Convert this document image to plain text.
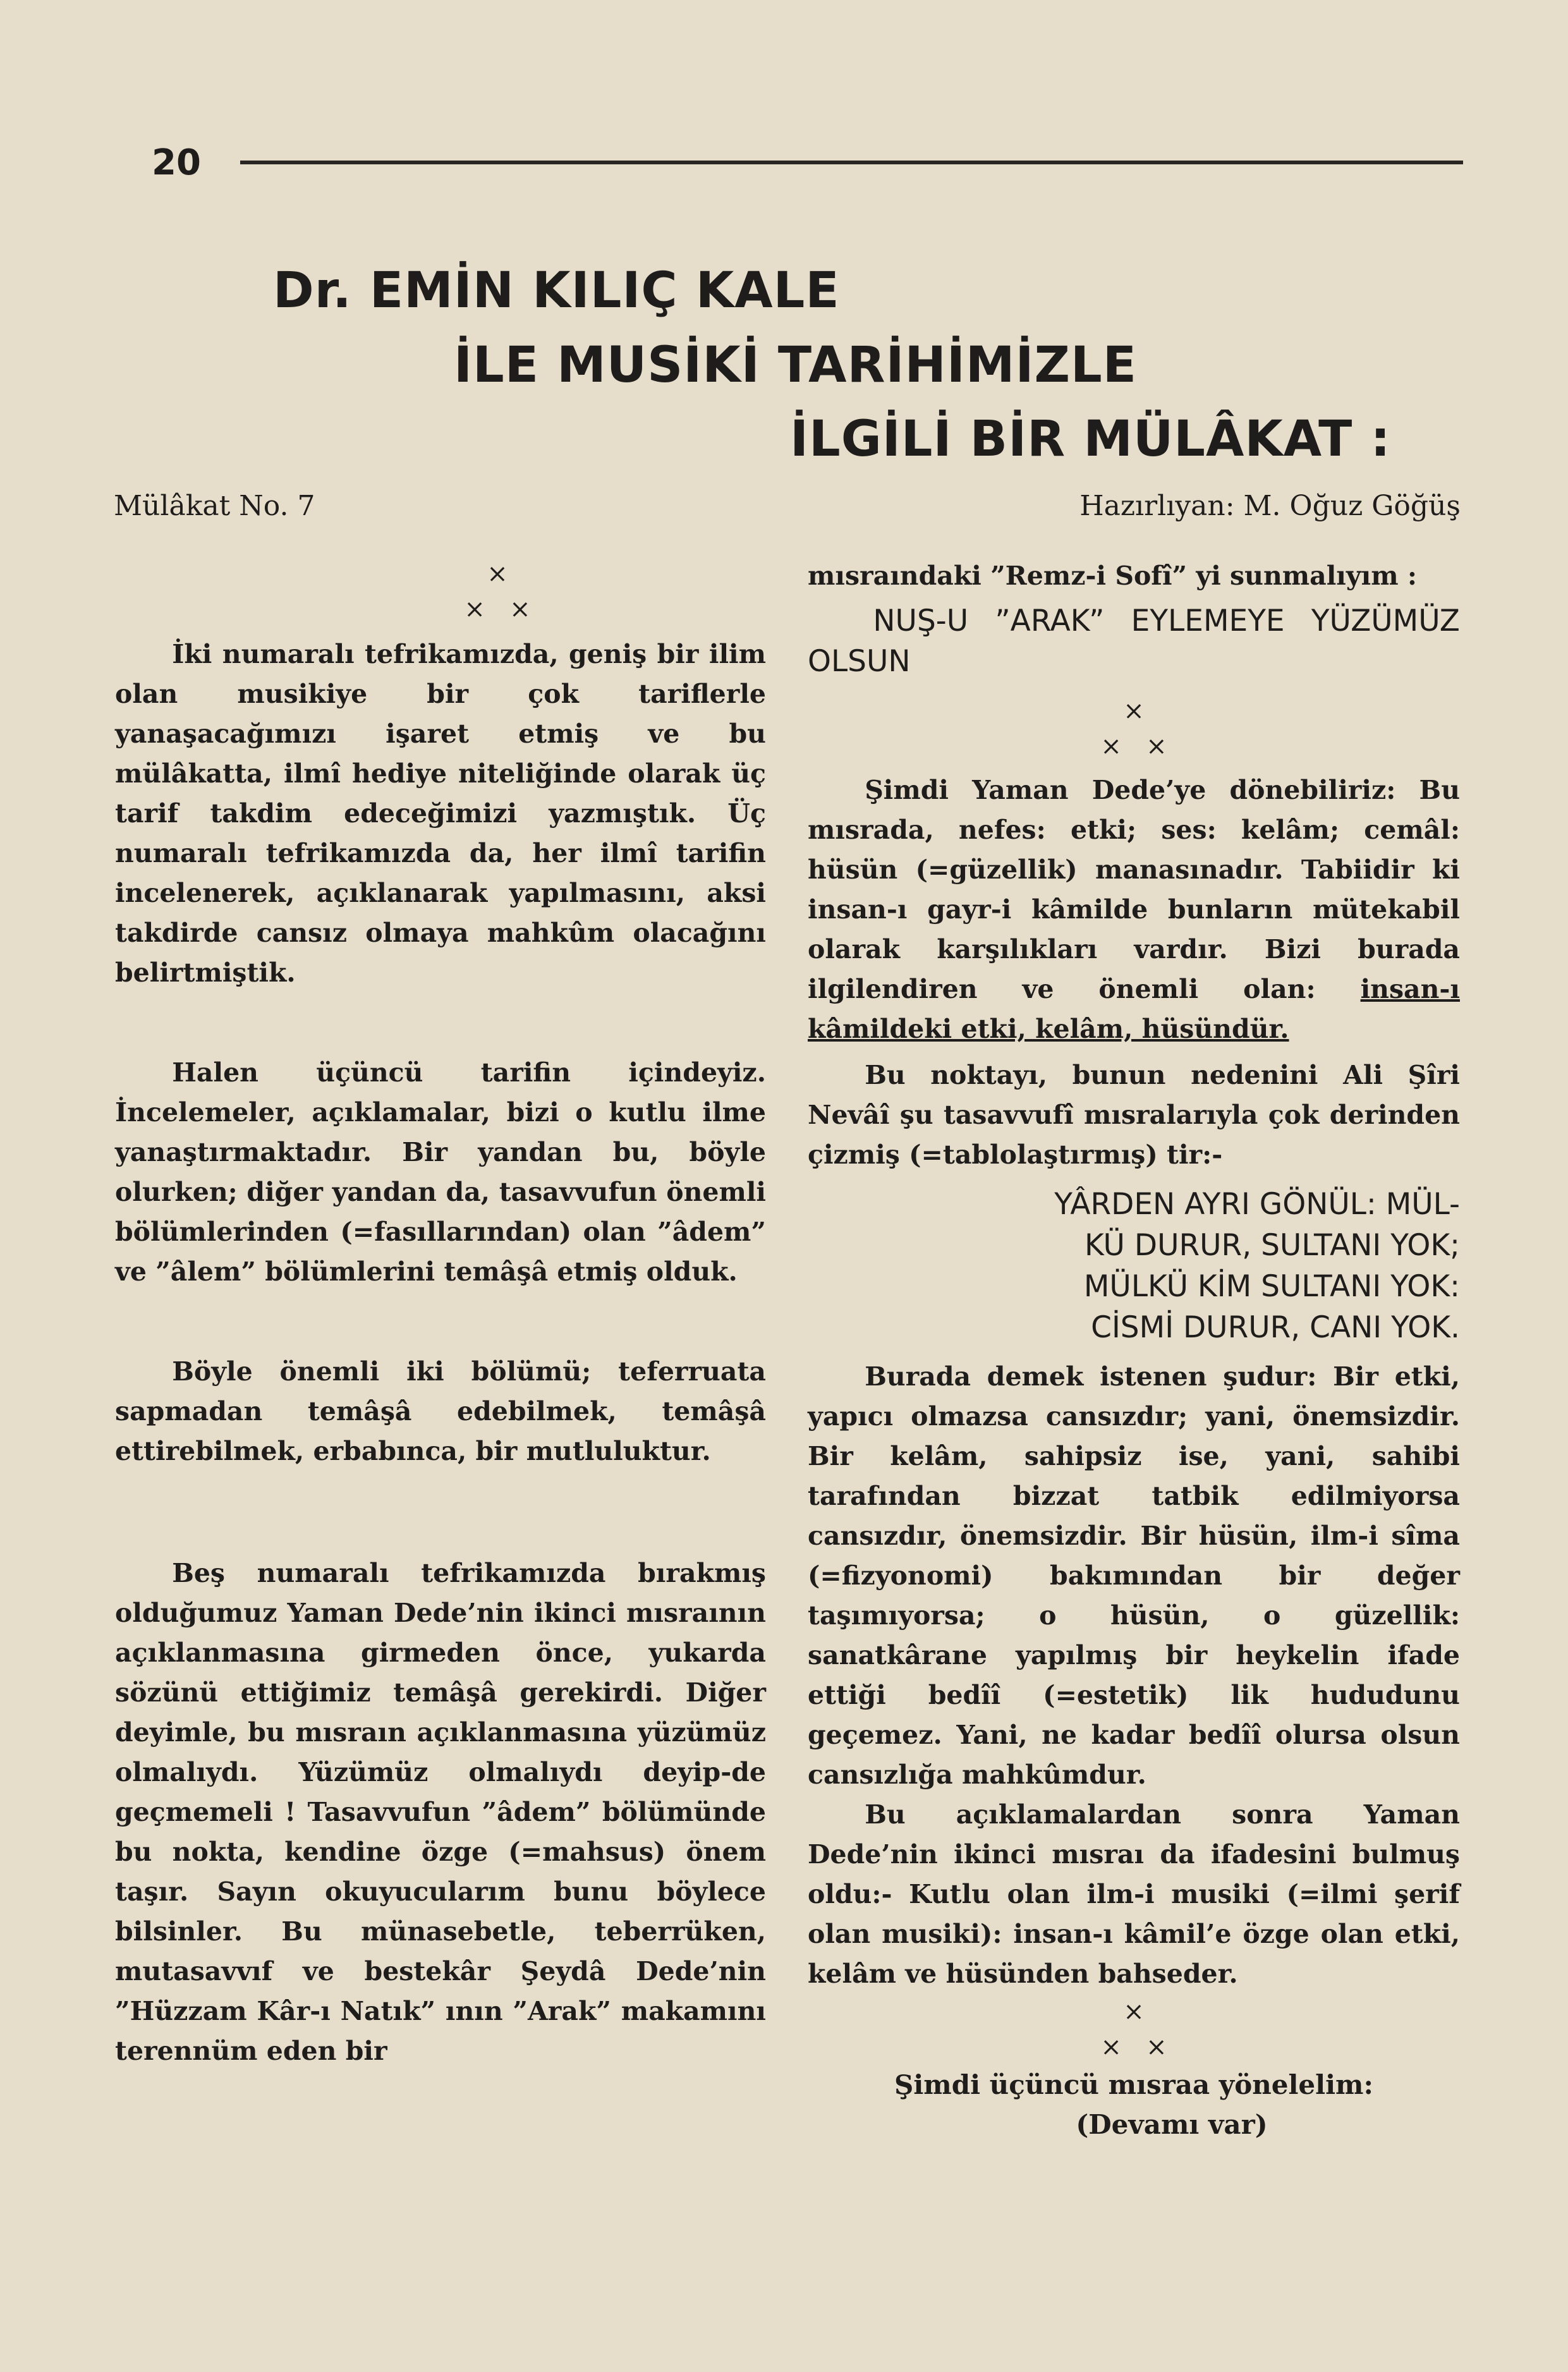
20
Dr. EMİN KILIÇ KALE
İLE MUSİKİ TARİHİMİZLE
İLGİLİ BİR MÜLÂKAT :
Mülâkat No. 7	Hazırlıyan: M. Oğuz Göğüş
×
×   ×

İki numaralı tefrikamızda, geniş bir ilim olan musikiye bir çok tariflerle yanaşacağımızı işaret etmiş ve bu mülâkatta, ilmî hediye niteliğinde olarak üç tarif takdim edeceğimizi yazmıştık. Üç numaralı tefrikamızda da, her ilmî tarifin incelenerek, açıklanarak yapılmasını, aksi takdirde cansız olmaya mahkûm olacağını belirtmiştik.

Halen üçüncü tarifin içindeyiz. İncelemeler, açıklamalar, bizi o kutlu ilme yanaştırmaktadır. Bir yandan bu, böyle olurken; diğer yandan da, tasavvufun önemli bölümlerinden (=fasıllarından) olan ”âdem” ve ”âlem” bölümlerini temâşâ etmiş olduk.

Böyle önemli iki bölümü; teferruata sapmadan temâşâ edebilmek, temâşâ ettirebilmek, erbabınca, bir mutluluktur.

Beş numaralı tefrikamızda bırakmış olduğumuz Yaman Dede’nin ikinci mısraının açıklanmasına girmeden önce, yukarda sözünü ettiğimiz temâşâ gerekirdi. Diğer deyimle, bu mısraın açıklanmasına yüzümüz olmalıydı. Yüzümüz olmalıydı deyip-de geçmemeli ! Tasavvufun ”âdem” bölümünde bu nokta, kendine özge (=mahsus) önem taşır. Sayın okuyucularım bunu böylece bilsinler. Bu münasebetle, teberrüken, mutasavvıf ve bestekâr Şeydâ Dede’nin ”Hüzzam Kâr-ı Natık” ının ”Arak” makamını terennüm eden bir

mısraındaki ”Remz-i Sofî” yi sunmalıyım :

NUŞ-U ”ARAK” EYLEMEYE YÜZÜMÜZ OLSUN
×
×   ×

Şimdi Yaman Dede’ye dönebiliriz: Bu mısrada, nefes: etki; ses: kelâm; cemâl: hüsün (=güzellik) manasınadır. Tabiidir ki insan-ı gayr-i kâmilde bunların mütekabil olarak karşılıkları vardır. Bizi burada ilgilendiren ve önemli olan: insan-ı kâmildeki etki, kelâm, hüsündür.

Bu noktayı, bunun nedenini Ali Şîri Nevâî şu tasavvufî mısralarıyla çok derinden çizmiş (=tablolaştırmış) tir:-

YÂRDEN AYRI GÖNÜL: MÜL-
KÜ DURUR, SULTANI YOK;
MÜLKÜ KİM SULTANI YOK:
CİSMİ DURUR, CANI YOK.

Burada demek istenen şudur: Bir etki, yapıcı olmazsa cansızdır; yani, önemsizdir. Bir kelâm, sahipsiz ise, yani, sahibi tarafından bizzat tatbik edilmiyorsa cansızdır, önemsizdir. Bir hüsün, ilm-i sîma (=fizyonomi) bakımından bir değer taşımıyorsa; o hüsün, o güzellik: sanatkârane yapılmış bir heykelin ifade ettiği bedîî (=estetik) lik hududunu geçemez. Yani, ne kadar bedîî olursa olsun cansızlığa mahkûmdur.

Bu açıklamalardan sonra Yaman Dede’nin ikinci mısraı da ifadesini bulmuş oldu:- Kutlu olan ilm-i musiki (=ilmi şerif olan musiki): insan-ı kâmil’e özge olan etki, kelâm ve hüsünden bahseder.

×
×   ×
Şimdi üçüncü mısraa yönelelim:
(Devamı var)
